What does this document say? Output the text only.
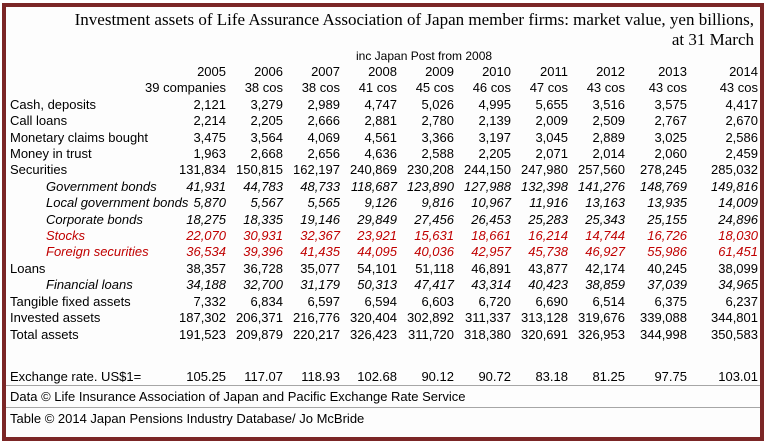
Investment assets of Life Assurance Association of Japan member firms: market value, yen billions,
at 31 March
inc Japan Post from 2008
	2005	2006	2007	2008	2009	2010	2011	2012	2013	2014
	39 companies	38 cos	38 cos	41 cos	45 cos	46 cos	47 cos	43 cos	43 cos	43 cos
Cash, deposits	2,121	3,279	2,989	4,747	5,026	4,995	5,655	3,516	3,575	4,417
Call loans	2,214	2,205	2,666	2,881	2,780	2,139	2,009	2,509	2,767	2,670
Monetary claims bought	3,475	3,564	4,069	4,561	3,366	3,197	3,045	2,889	3,025	2,586
Money in trust	1,963	2,668	2,656	4,636	2,588	2,205	2,071	2,014	2,060	2,459
Securities	131,834	150,815	162,197	240,869	230,208	244,150	247,980	257,560	278,245	285,032
Government bonds	41,931	44,783	48,733	118,687	123,890	127,988	132,398	141,276	148,769	149,816
Local government bonds	5,870	5,567	5,565	9,126	9,816	10,967	11,916	13,163	13,935	14,009
Corporate bonds	18,275	18,335	19,146	29,849	27,456	26,453	25,283	25,343	25,155	24,896
Stocks	22,070	30,931	32,367	23,921	15,631	18,661	16,214	14,744	16,726	18,030
Foreign securities	36,534	39,396	41,435	44,095	40,036	42,957	45,738	46,927	55,986	61,451
Loans	38,357	36,728	35,077	54,101	51,118	46,891	43,877	42,174	40,245	38,099
Financial loans	34,188	32,700	31,179	50,313	47,417	43,314	40,423	38,859	37,039	34,965
Tangible fixed assets	7,332	6,834	6,597	6,594	6,603	6,720	6,690	6,514	6,375	6,237
Invested assets	187,302	206,371	216,776	320,404	302,892	311,337	313,128	319,676	339,088	344,801
Total assets	191,523	209,879	220,217	326,423	311,720	318,380	320,691	326,953	344,998	350,583

Exchange rate. US$1=	105.25	117.07	118.93	102.68	90.12	90.72	83.18	81.25	97.75	103.01
Data © Life Insurance Association of Japan and Pacific Exchange Rate Service
Table © 2014 Japan Pensions Industry Database/ Jo McBride
